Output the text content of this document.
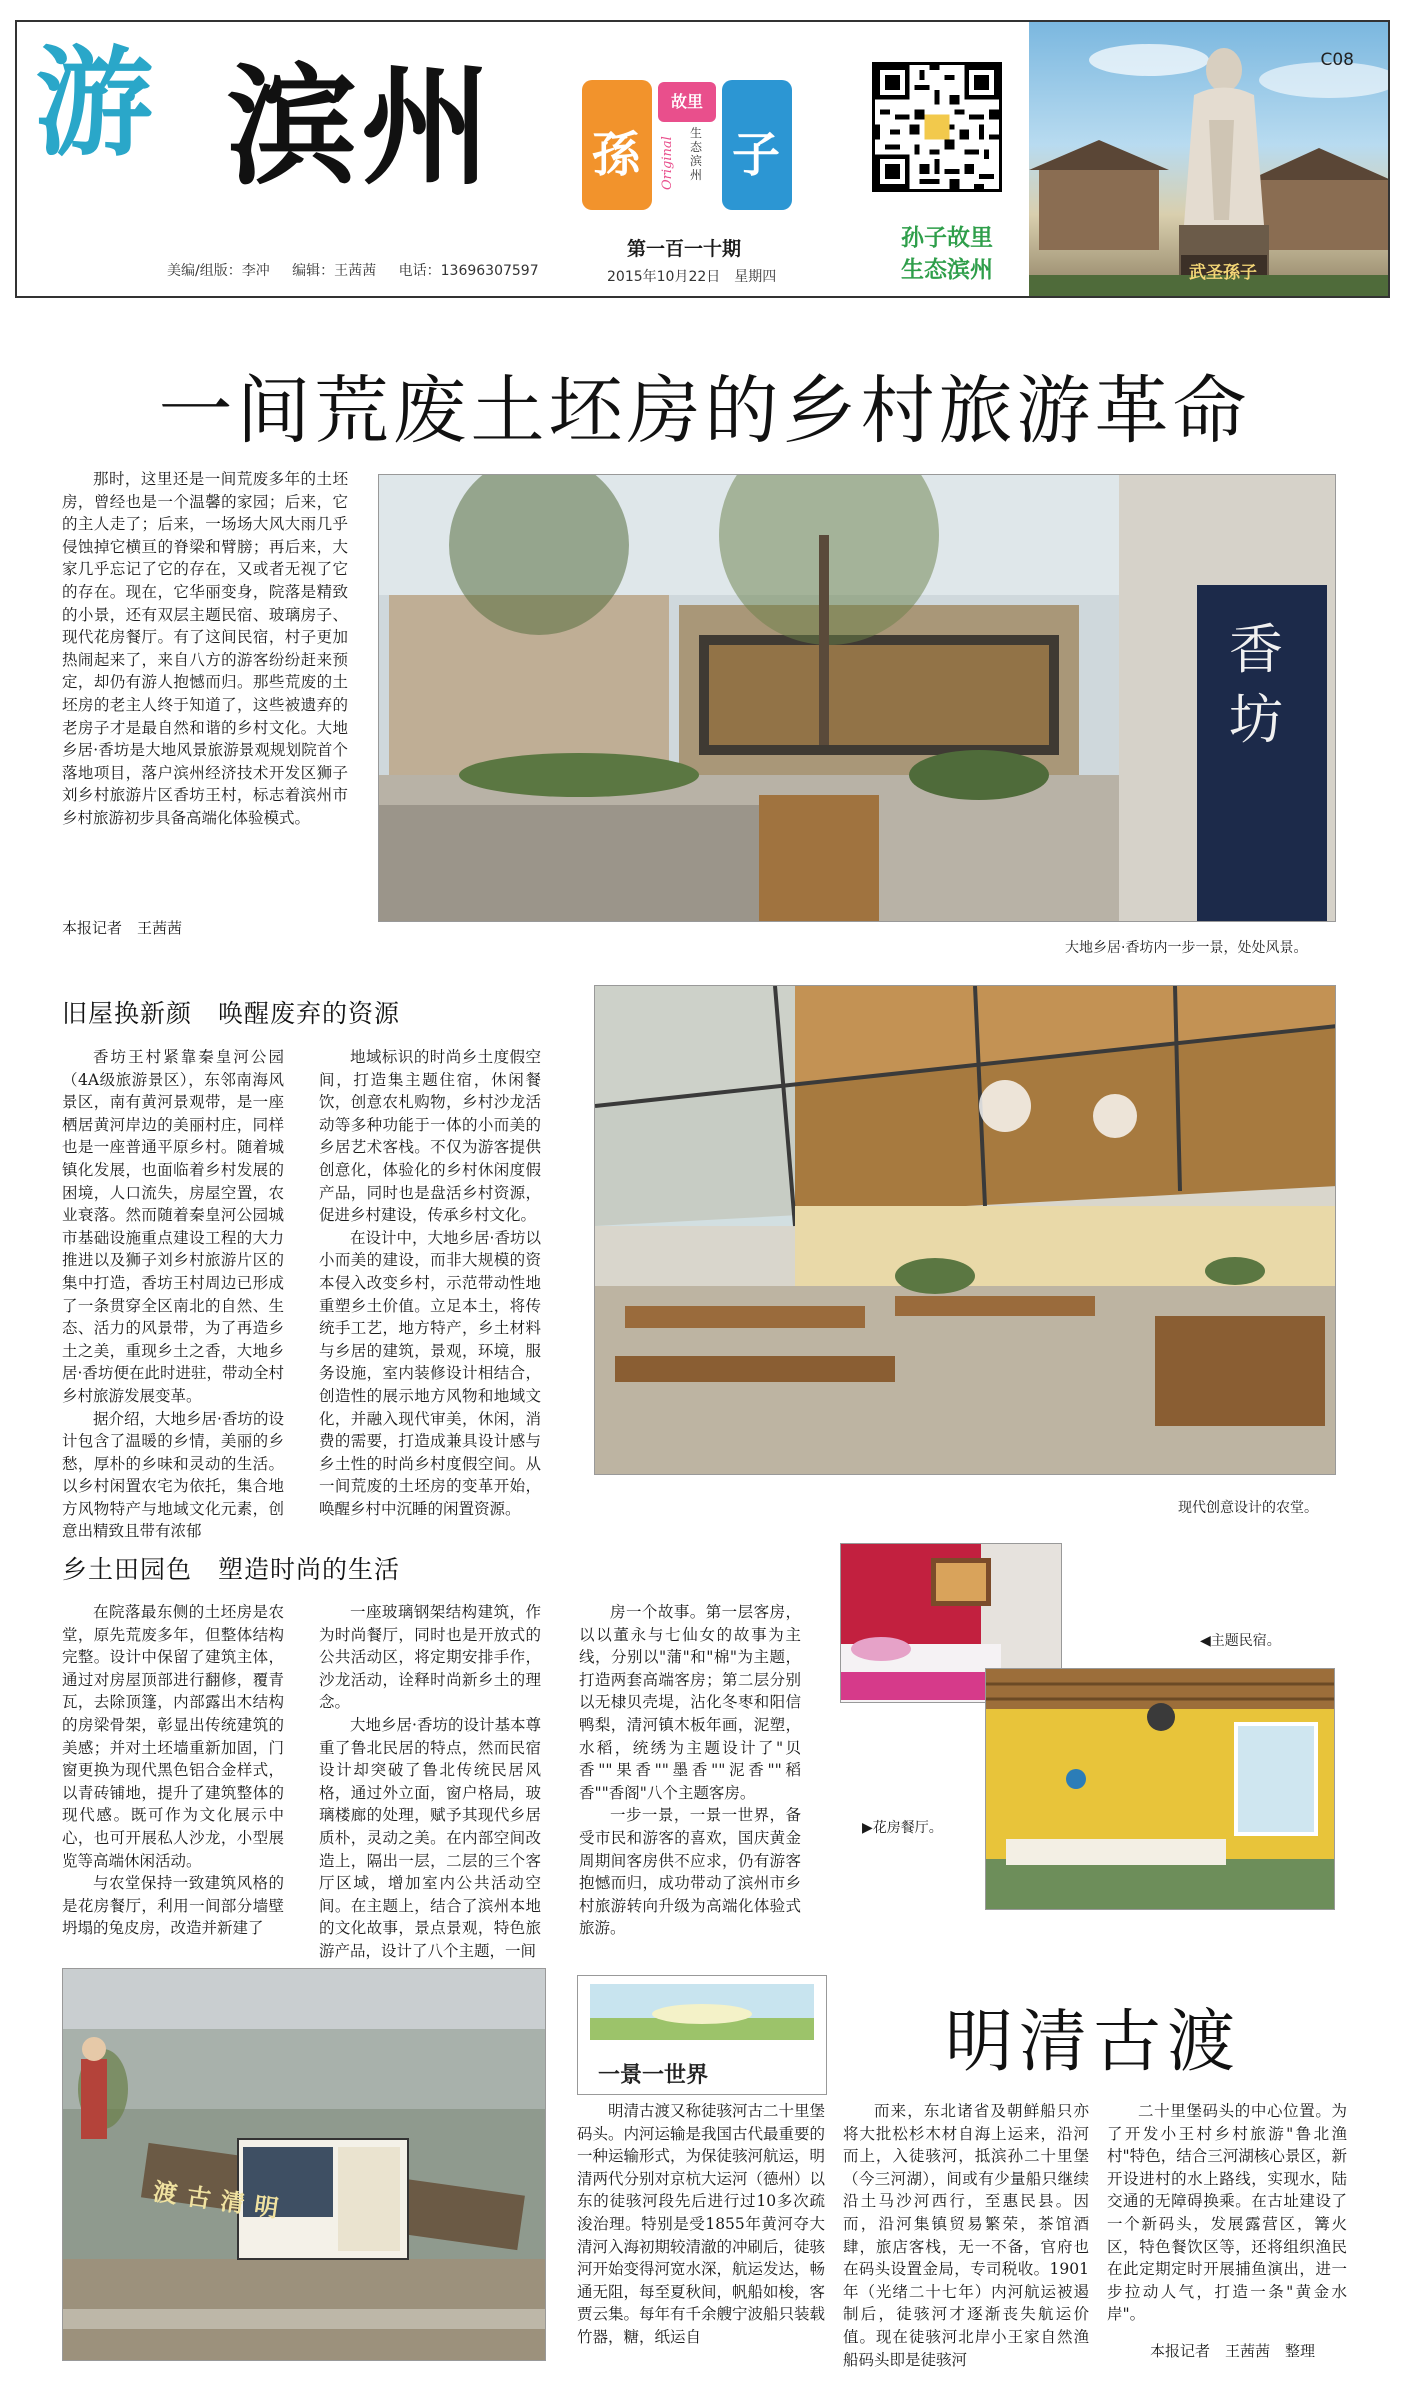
游 滨州
美编/组版：李冲 编辑：王茜茜 电话：13696307597
孫 子
故里
Original
生态滨州
第一百一十期
2015年10月22日　星期四
孙子故里
生态滨州	武圣孫子
C08
一间荒废土坯房的乡村旅游革命

那时，这里还是一间荒废多年的土坯房，曾经也是一个温馨的家园；后来，它的主人走了；后来，一场场大风大雨几乎侵蚀掉它横亘的脊梁和臂膀；再后来，大家几乎忘记了它的存在，又或者无视了它的存在。现在，它华丽变身，院落是精致的小景，还有双层主题民宿、玻璃房子、现代花房餐厅。有了这间民宿，村子更加热闹起来了，来自八方的游客纷纷赶来预定，却仍有游人抱憾而归。那些荒废的土坯房的老主人终于知道了，这些被遗弃的老房子才是最自然和谐的乡村文化。大地乡居·香坊是大地风景旅游景观规划院首个落地项目，落户滨州经济技术开发区狮子刘乡村旅游片区香坊王村，标志着滨州市乡村旅游初步具备高端化体验模式。

本报记者　王茜茜
香坊
大地乡居·香坊内一步一景，处处风景。
旧屋换新颜　唤醒废弃的资源

香坊王村紧靠秦皇河公园（4A级旅游景区），东邻南海风景区，南有黄河景观带，是一座栖居黄河岸边的美丽村庄，同样也是一座普通平原乡村。随着城镇化发展，也面临着乡村发展的困境，人口流失，房屋空置，农业衰落。然而随着秦皇河公园城市基础设施重点建设工程的大力推进以及狮子刘乡村旅游片区的集中打造，香坊王村周边已形成了一条贯穿全区南北的自然、生态、活力的风景带，为了再造乡土之美，重现乡土之香，大地乡居·香坊便在此时进驻，带动全村乡村旅游发展变革。

据介绍，大地乡居·香坊的设计包含了温暖的乡情，美丽的乡愁，厚朴的乡味和灵动的生活。以乡村闲置农宅为依托，集合地方风物特产与地域文化元素，创意出精致且带有浓郁

地域标识的时尚乡土度假空间，打造集主题住宿，休闲餐饮，创意农札购物，乡村沙龙活动等多种功能于一体的小而美的乡居艺术客栈。不仅为游客提供创意化，体验化的乡村休闲度假产品，同时也是盘活乡村资源，促进乡村建设，传承乡村文化。

在设计中，大地乡居·香坊以小而美的建设，而非大规模的资本侵入改变乡村，示范带动性地重塑乡土价值。立足本土，将传统手工艺，地方特产，乡土材料与乡居的建筑，景观，环境，服务设施，室内装修设计相结合，创造性的展示地方风物和地域文化，并融入现代审美，休闲，消费的需要，打造成兼具设计感与乡土性的时尚乡村度假空间。从一间荒废的土坯房的变革开始，唤醒乡村中沉睡的闲置资源。	现代创意设计的农堂。
乡土田园色　塑造时尚的生活

在院落最东侧的土坯房是农堂，原先荒废多年，但整体结构完整。设计中保留了建筑主体，通过对房屋顶部进行翻修，覆青瓦，去除顶篷，内部露出木结构的房梁骨架，彰显出传统建筑的美感；并对土坯墙重新加固，门窗更换为现代黑色铝合金样式，以青砖铺地，提升了建筑整体的现代感。既可作为文化展示中心，也可开展私人沙龙，小型展览等高端休闲活动。

与农堂保持一致建筑风格的是花房餐厅，利用一间部分墙壁坍塌的兔皮房，改造并新建了

一座玻璃钢架结构建筑，作为时尚餐厅，同时也是开放式的公共活动区，将定期安排手作，沙龙活动，诠释时尚新乡土的理念。

大地乡居·香坊的设计基本尊重了鲁北民居的特点，然而民宿设计却突破了鲁北传统民居风格，通过外立面，窗户格局，玻璃楼廊的处理，赋予其现代乡居质朴，灵动之美。在内部空间改造上，隔出一层，二层的三个客厅区域，增加室内公共活动空间。在主题上，结合了滨州本地的文化故事，景点景观，特色旅游产品，设计了八个主题，一间

房一个故事。第一层客房，以以董永与七仙女的故事为主线，分别以"蒲"和"棉"为主题，打造两套高端客房；第二层分别以无棣贝壳堤，沾化冬枣和阳信鸭梨，清河镇木板年画，泥塑，水稻，统绣为主题设计了"贝香""果香""墨香""泥香""稻香""香阁"八个主题客房。

一步一景，一景一世界，备受市民和游客的喜欢，国庆黄金周期间客房供不应求，仍有游客抱憾而归，成功带动了滨州市乡村旅游转向升级为高端化体验式旅游。

◀主题民宿。
▶花房餐厅。
渡古清明
一景一世界	明清古渡

明清古渡又称徒骇河古二十里堡码头。内河运输是我国古代最重要的一种运输形式，为保徒骇河航运，明清两代分别对京杭大运河（德州）以东的徒骇河段先后进行过10多次疏浚治理。特别是受1855年黄河夺大清河入海初期较清澈的冲刷后，徒骇河开始变得河宽水深，航运发达，畅通无阻，每至夏秋间，帆船如梭，客贾云集。每年有千余艘宁波船只装载竹器，糖，纸运自

而来，东北诸省及朝鲜船只亦将大批松杉木材自海上运来，沿河而上，入徒骇河，抵滨孙二十里堡（今三河湖），间或有少量船只继续沿土马沙河西行，至惠民县。因而，沿河集镇贸易繁荣，茶馆酒肆，旅店客栈，无一不备，官府也在码头设置金局，专司税收。1901年（光绪二十七年）内河航运被遏制后，徒骇河才逐渐丧失航运价值。现在徒骇河北岸小王家自然渔船码头即是徒骇河

二十里堡码头的中心位置。为了开发小王村乡村旅游"鲁北渔村"特色，结合三河湖核心景区，新开设进村的水上路线，实现水，陆交通的无障碍换乘。在古址建设了一个新码头，发展露营区，篝火区，特色餐饮区等，还将组织渔民在此定期定时开展捕鱼演出，进一步拉动人气，打造一条"黄金水岸"。

本报记者　王茜茜　整理
